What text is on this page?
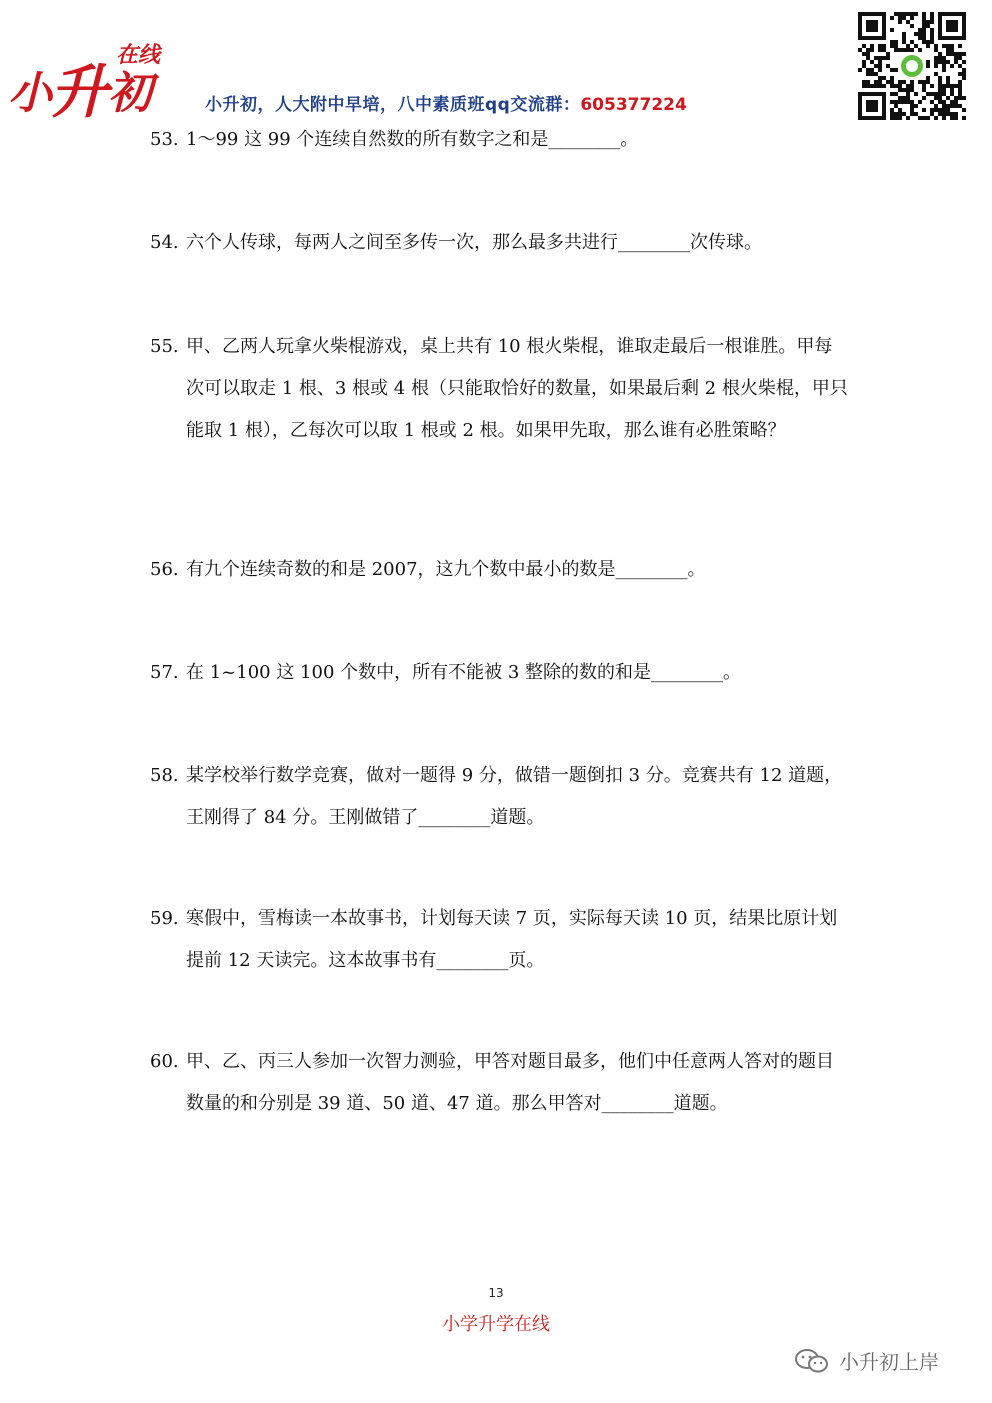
小
升 初
在线
小升初，人大附中早培，八中素质班qq交流群：605377224
53. 1～99 这 99 个连续自然数的所有数字之和是________。
54. 六个人传球，每两人之间至多传一次，那么最多共进行________次传球。
55. 甲、乙两人玩拿火柴棍游戏，桌上共有 10 根火柴棍，谁取走最后一根谁胜。甲每次可以取走 1 根、3 根或 4 根（只能取恰好的数量，如果最后剩 2 根火柴棍，甲只能取 1 根），乙每次可以取 1 根或 2 根。如果甲先取，那么谁有必胜策略？
56. 有九个连续奇数的和是 2007，这九个数中最小的数是________。
57. 在 1~100 这 100 个数中，所有不能被 3 整除的数的和是________。
58. 某学校举行数学竞赛，做对一题得 9 分，做错一题倒扣 3 分。竞赛共有 12 道题，王刚得了 84 分。王刚做错了________道题。
59. 寒假中，雪梅读一本故事书，计划每天读 7 页，实际每天读 10 页，结果比原计划提前 12 天读完。这本故事书有________页。
60. 甲、乙、丙三人参加一次智力测验，甲答对题目最多，他们中任意两人答对的题目数量的和分别是 39 道、50 道、47 道。那么甲答对________道题。
13
小学升学在线
小升初上岸
